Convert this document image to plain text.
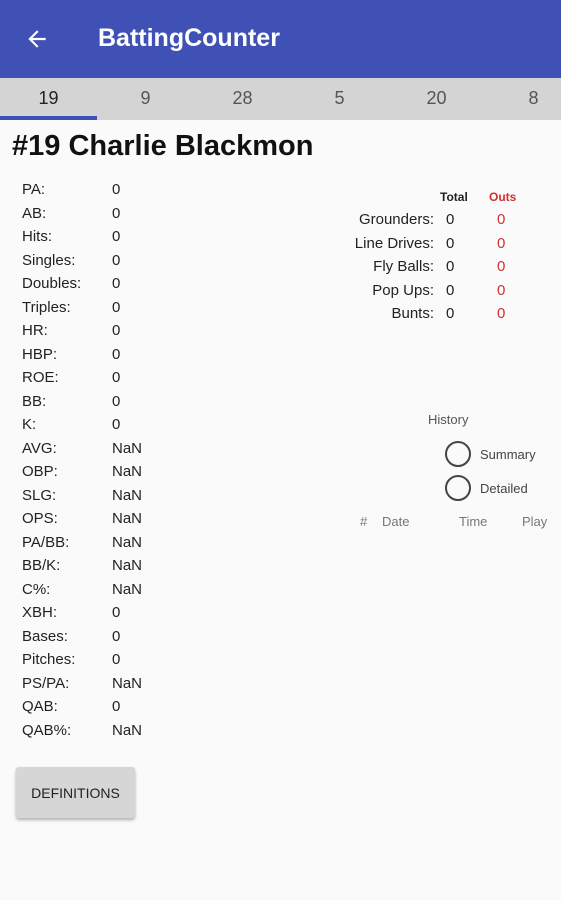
BattingCounter
19	9	28	5	20	8
#19 Charlie Blackmon
PA:	0
AB:	0
Hits:	0
Singles:	0
Doubles:	0
Triples:	0
HR:	0
HBP:	0
ROE:	0
BB:	0
K:	0
AVG:	NaN
OBP:	NaN
SLG:	NaN
OPS:	NaN
PA/BB:	NaN
BB/K:	NaN
C%:	NaN
XBH:	0
Bases:	0
Pitches:	0
PS/PA:	NaN
QAB:	0
QAB%:	NaN
Total	Outs
Grounders: 0	0
Line Drives: 0	0
Fly Balls: 0	0
Pop Ups: 0	0
Bunts: 0	0
History
Summary
Detailed
# Date	Time	Play
DEFINITIONS
